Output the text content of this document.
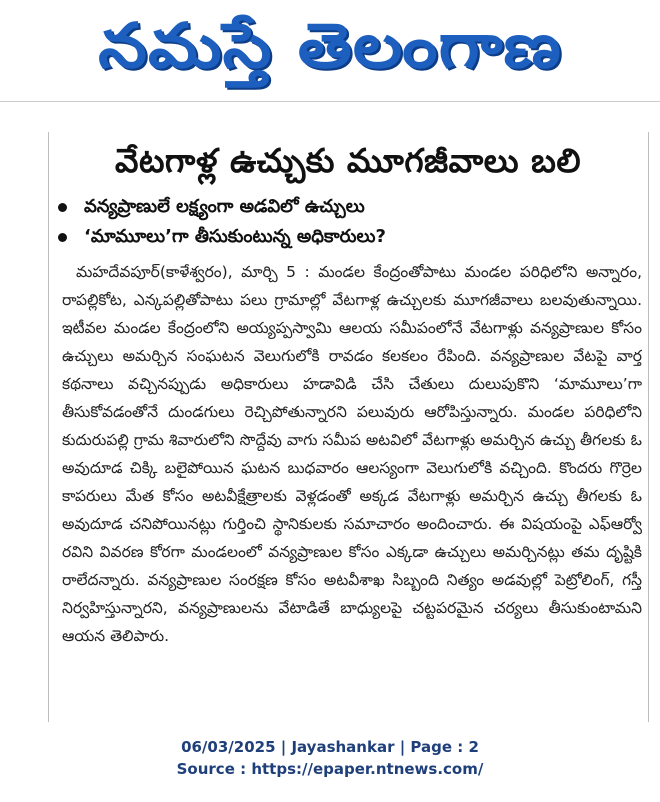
నమస్తే తెలంగాణ
వేటగాళ్ల ఉచ్చుకు మూగజీవాలు బలి
వన్యప్రాణులే లక్ష్యంగా అడవిలో ఉచ్చులు
‘మామూలు’గా తీసుకుంటున్న అధికారులు?

మహదేవపూర్(కాళేశ్వరం), మార్చి 5 : మండల కేంద్రంతోపాటు మండల పరిధిలోని అన్నారం, రాపల్లికోట, ఎన్కపల్లితోపాటు పలు గ్రామాల్లో వేటగాళ్ల ఉచ్చులకు మూగజీవాలు బలవుతున్నాయి. ఇటీవల మండల కేంద్రంలోని అయ్యప్పస్వామి ఆలయ సమీపంలోనే వేటగాళ్లు వన్యప్రాణుల కోసం ఉచ్చులు అమర్చిన సంఘటన వెలుగులోకి రావడం కలకలం రేపింది. వన్యప్రాణుల వేటపై వార్త కథనాలు వచ్చినప్పుడు అధికారులు హడావిడి చేసి చేతులు దులుపుకొని ‘మామూలు’గా తీసుకోవడంతోనే దుండగులు రెచ్చిపోతున్నారని పలువురు ఆరోపిస్తున్నారు. మండల పరిధిలోని కుదురుపల్లి గ్రామ శివారులోని సొద్దేవు వాగు సమీప అటవిలో వేటగాళ్లు అమర్చిన ఉచ్చు తీగలకు ఓ అవుదూడ చిక్కి బలైపోయిన ఘటన బుధవారం ఆలస్యంగా వెలుగులోకి వచ్చింది. కొందరు గొర్రెల కాపరులు మేత కోసం అటవీక్షేత్రాలకు వెళ్లడంతో అక్కడ వేటగాళ్లు అమర్చిన ఉచ్చు తీగలకు ఓ అవుదూడ చనిపోయినట్లు గుర్తించి స్థానికులకు సమాచారం అందించారు. ఈ విషయంపై ఎఫ్ఆర్వో రవిని వివరణ కోరగా మండలంలో వన్యప్రాణుల కోసం ఎక్కడా ఉచ్చులు అమర్చినట్లు తమ దృష్టికి రాలేదన్నారు. వన్యప్రాణుల సంరక్షణ కోసం అటవీశాఖ సిబ్బంది నిత్యం అడవుల్లో పెట్రోలింగ్, గస్తీ నిర్వహిస్తున్నారని, వన్యప్రాణులను వేటాడితే బాధ్యులపై చట్టపరమైన చర్యలు తీసుకుంటామని ఆయన తెలిపారు.

06/03/2025 | Jayashankar | Page : 2
Source : https://epaper.ntnews.com/
